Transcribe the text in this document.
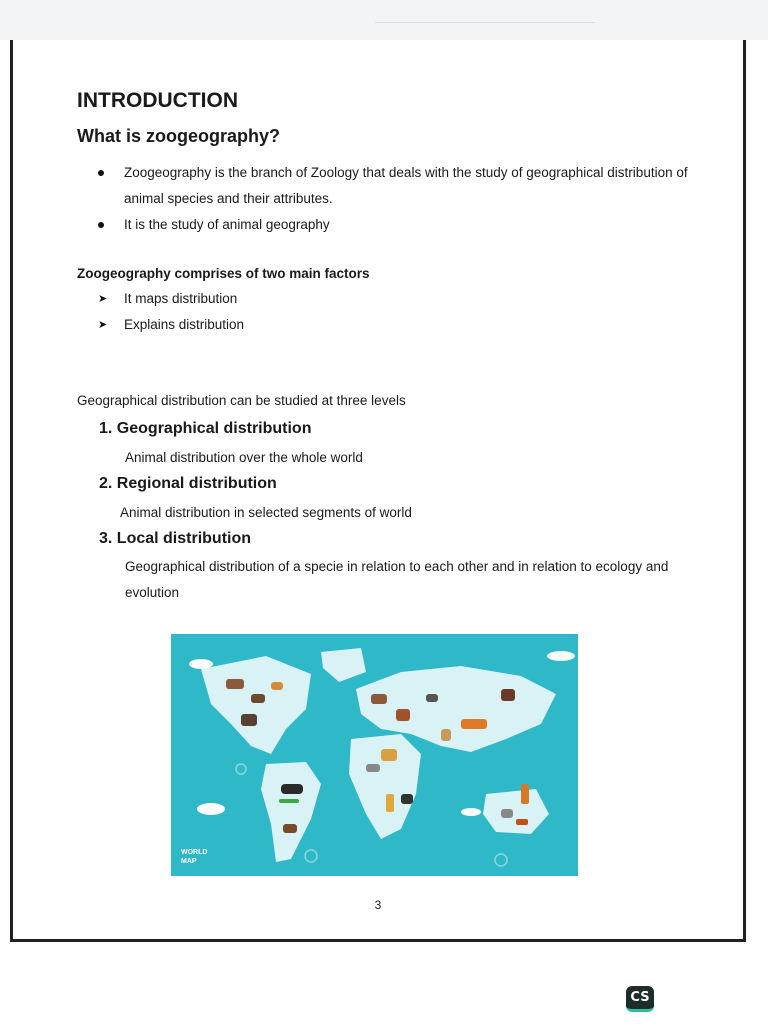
INTRODUCTION
What is zoogeography?
Zoogeography is the branch of Zoology that deals with the study of geographical distribution of animal species and their attributes.
It is the study of animal geography

Zoogeography comprises of two main factors

➤ It maps distribution
➤ Explains distribution

Geographical distribution can be studied at three levels

1. Geographical distribution

Animal distribution over the whole world

2. Regional distribution

Animal distribution in selected segments of world

3. Local distribution

Geographical distribution of a specie in relation to each other and in relation to ecology and evolution

WORLD
MAP

3

CS
